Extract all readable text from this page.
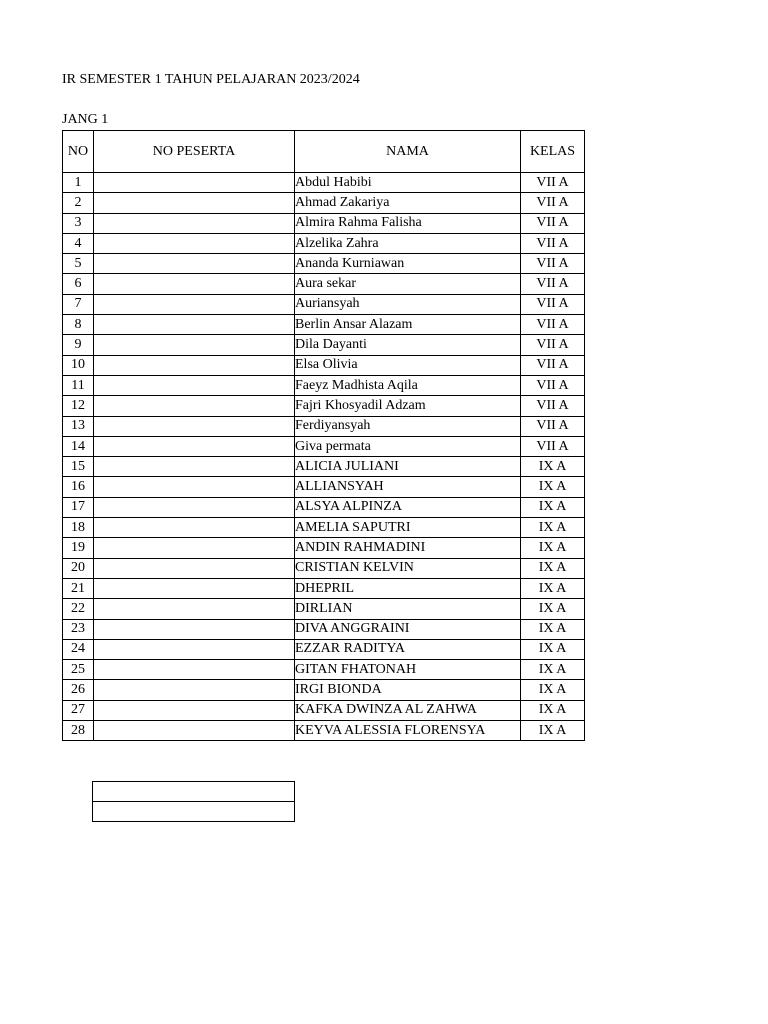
IR SEMESTER 1 TAHUN PELAJARAN 2023/2024
JANG 1
NO	NO PESERTA	NAMA	KELAS
1		Abdul Habibi	VII A
2		Ahmad Zakariya	VII A
3		Almira Rahma Falisha	VII A
4		Alzelika Zahra	VII A
5		Ananda Kurniawan	VII A
6		Aura sekar	VII A
7		Auriansyah	VII A
8		Berlin Ansar Alazam	VII A
9		Dila Dayanti	VII A
10		Elsa Olivia	VII A
11		Faeyz Madhista Aqila	VII A
12		Fajri Khosyadil Adzam	VII A
13		Ferdiyansyah	VII A
14		Giva permata	VII A
15		ALICIA JULIANI	IX A
16		ALLIANSYAH	IX A
17		ALSYA ALPINZA	IX A
18		AMELIA SAPUTRI	IX A
19		ANDIN RAHMADINI	IX A
20		CRISTIAN KELVIN	IX A
21		DHEPRIL	IX A
22		DIRLIAN	IX A
23		DIVA ANGGRAINI	IX A
24		EZZAR RADITYA	IX A
25		GITAN FHATONAH	IX A
26		IRGI BIONDA	IX A
27		KAFKA DWINZA AL ZAHWA	IX A
28		KEYVA ALESSIA FLORENSYA	IX A
